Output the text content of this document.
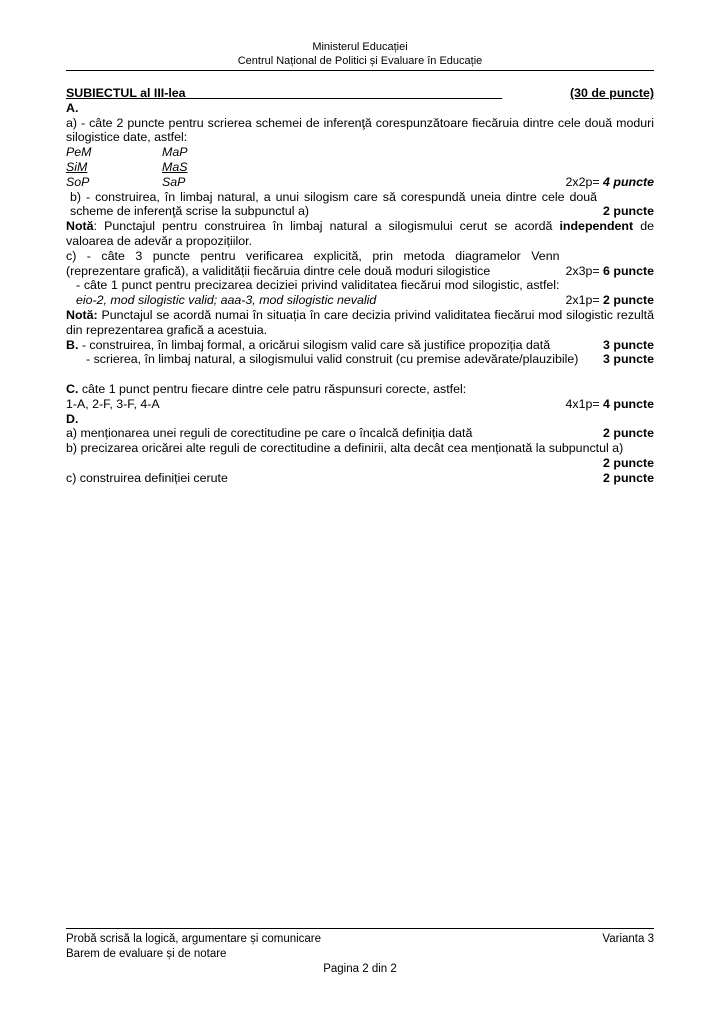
Ministerul Educației
Centrul Național de Politici și Evaluare în Educație
SUBIECTUL al III-lea	(30 de puncte)
A.
a) - câte 2 puncte pentru scrierea schemei de inferenţă corespunzătoare fiecăruia dintre cele două moduri silogistice date, astfel:
PeM	MaP
SiM	MaS
SoP	SaP	2x2p= 4 puncte
b) - construirea, în limbaj natural, a unui silogism care să corespundă uneia dintre cele două scheme de inferenţă scrise la subpunctul a)	2 puncte
Notă: Punctajul pentru construirea în limbaj natural a silogismului cerut se acordă independent de valoarea de adevăr a propozițiilor.
c) - câte 3 puncte pentru verificarea explicită, prin metoda diagramelor Venn (reprezentare grafică), a validității fiecăruia dintre cele două moduri silogistice	2x3p= 6 puncte
- câte 1 punct pentru precizarea deciziei privind validitatea fiecărui mod silogistic, astfel: eio-2, mod silogistic valid; aaa-3, mod silogistic nevalid	2x1p= 2 puncte
Notă: Punctajul se acordă numai în situația în care decizia privind validitatea fiecărui mod silogistic rezultă din reprezentarea grafică a acestuia.
B. - construirea, în limbaj formal, a oricărui silogism valid care să justifice propoziția dată	3 puncte
- scrierea, în limbaj natural, a silogismului valid construit (cu premise adevărate/plauzibile)	3 puncte
C. câte 1 punct pentru fiecare dintre cele patru răspunsuri corecte, astfel:
1-A, 2-F, 3-F, 4-A	4x1p= 4 puncte
D.
a) menționarea unei reguli de corectitudine pe care o încalcă definiția dată	2 puncte
b) precizarea oricărei alte reguli de corectitudine a definirii, alta decât cea menționată la subpunctul a)
2 puncte
c) construirea definiției cerute	2 puncte
Probă scrisă la logică, argumentare și comunicare	Varianta 3
Barem de evaluare și de notare
Pagina 2 din 2
